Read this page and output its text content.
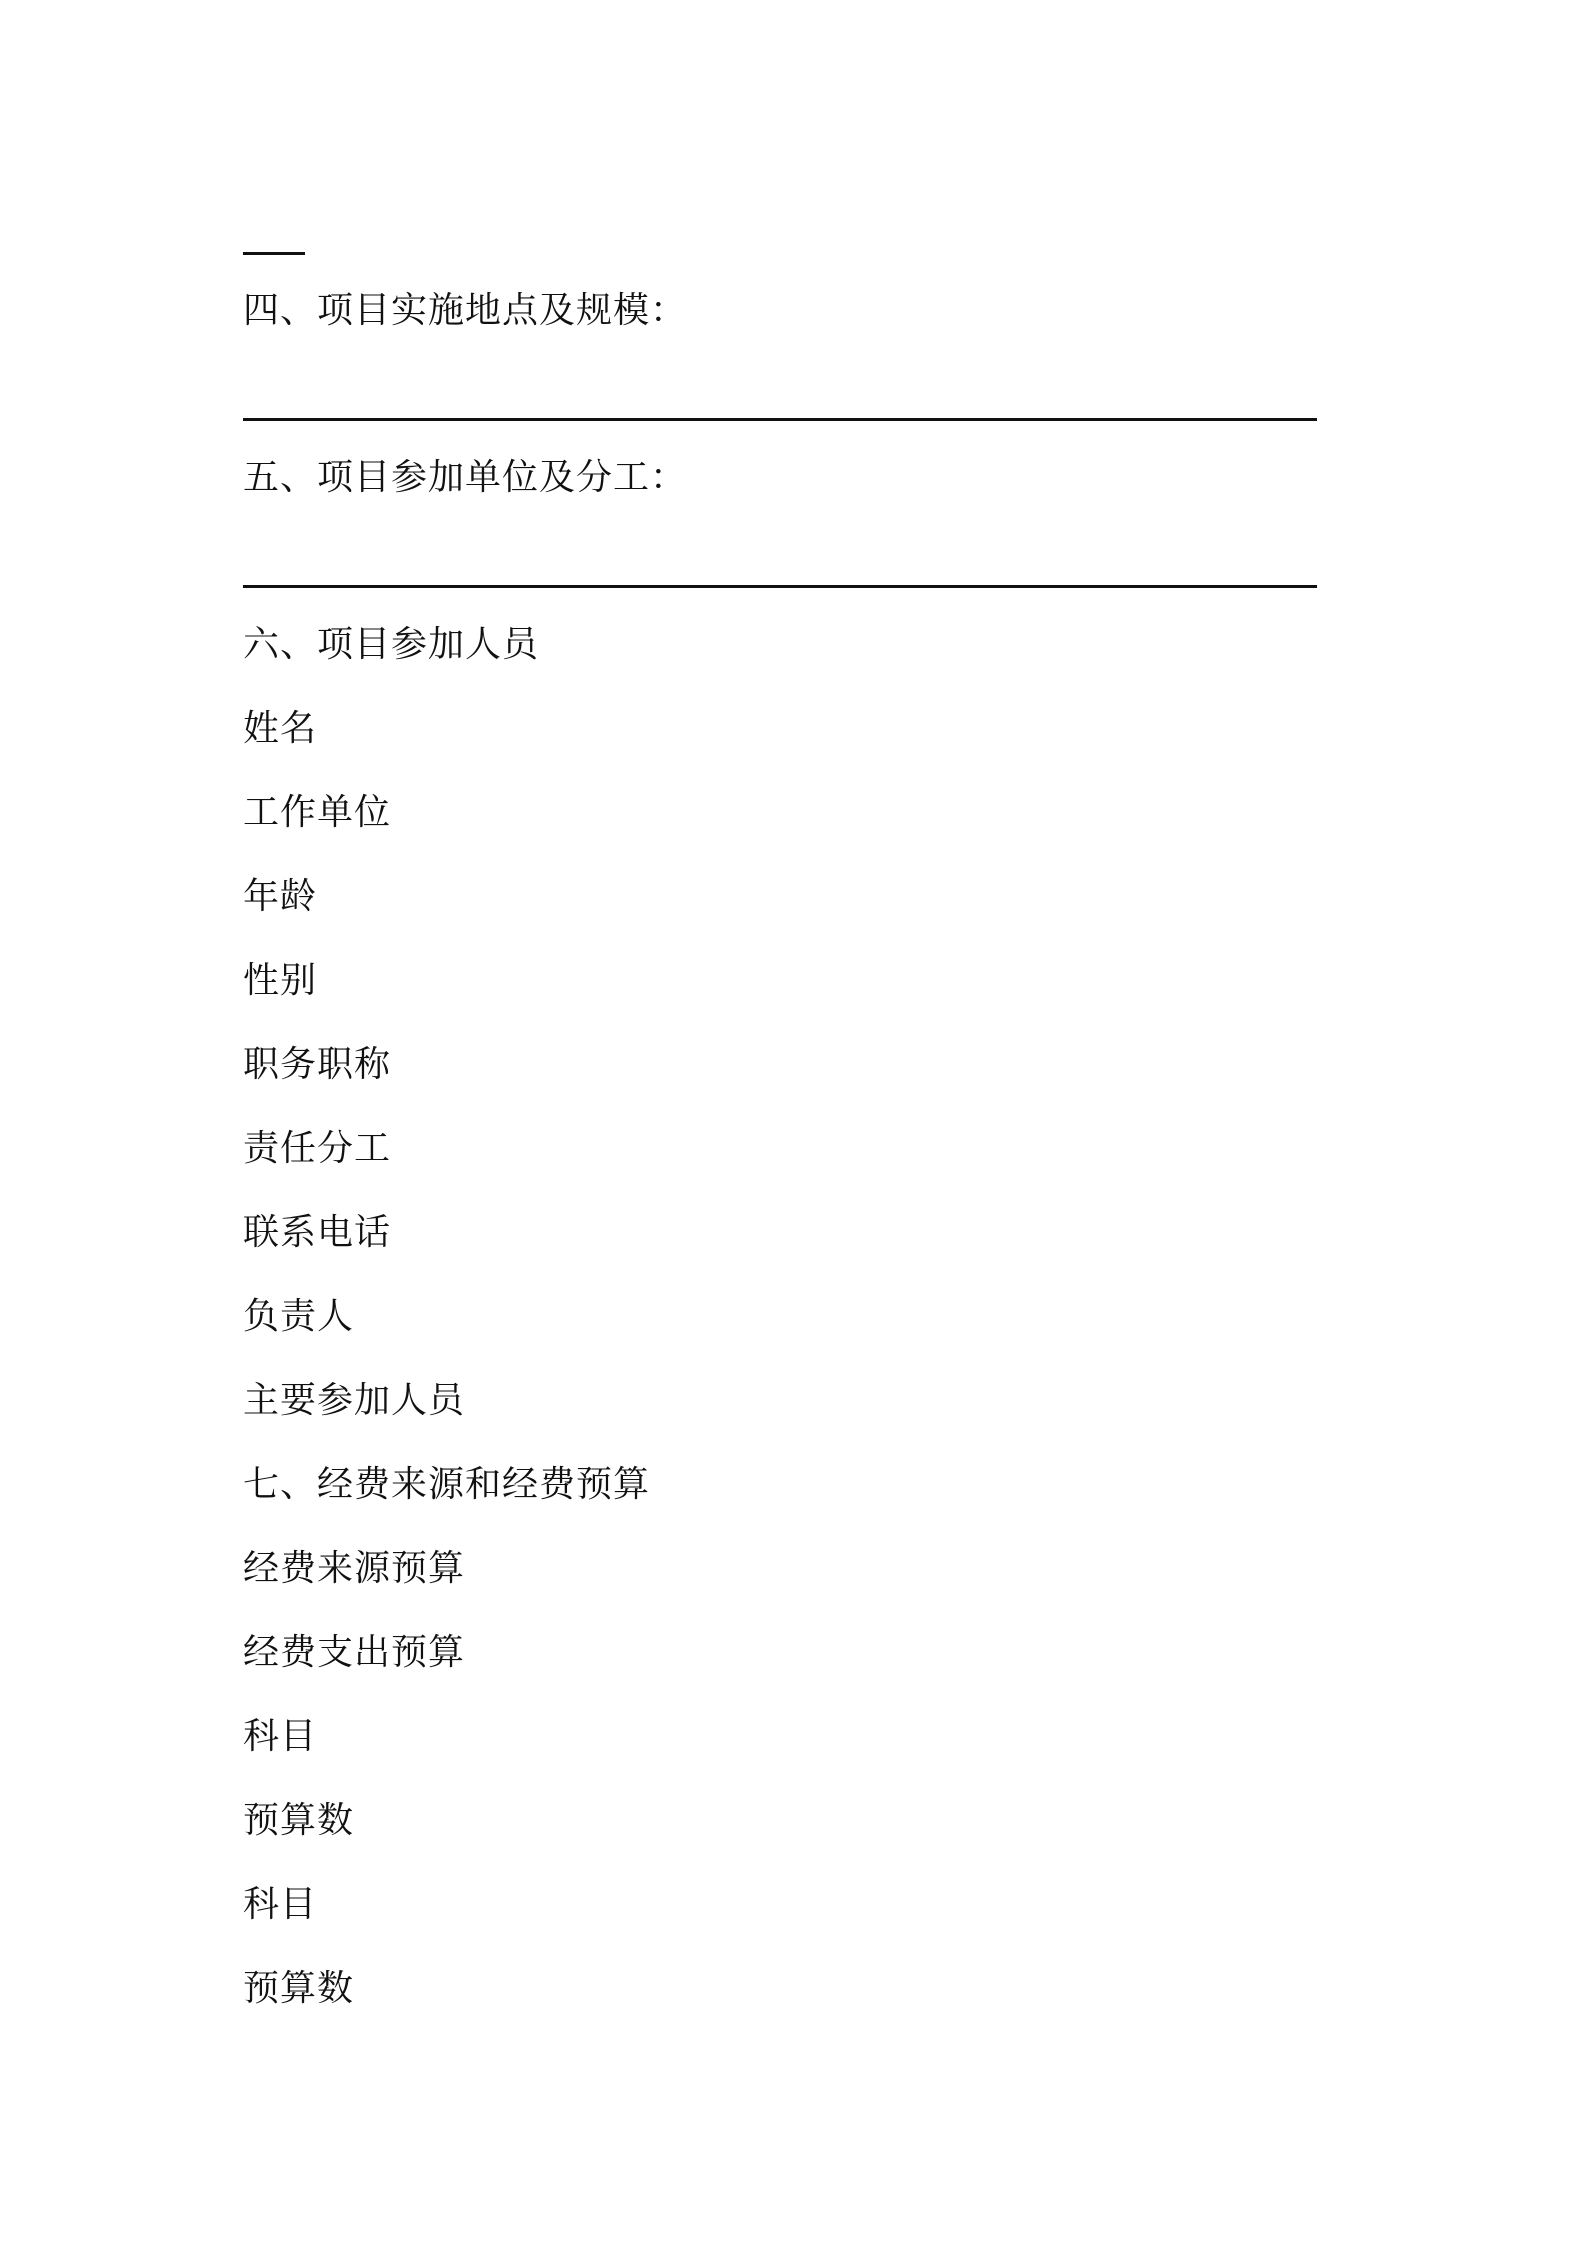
四、项目实施地点及规模：
五、项目参加单位及分工：
六、项目参加人员
姓名
工作单位
年龄
性别
职务职称
责任分工
联系电话
负责人
主要参加人员
七、经费来源和经费预算
经费来源预算
经费支出预算
科目
预算数
科目
预算数
